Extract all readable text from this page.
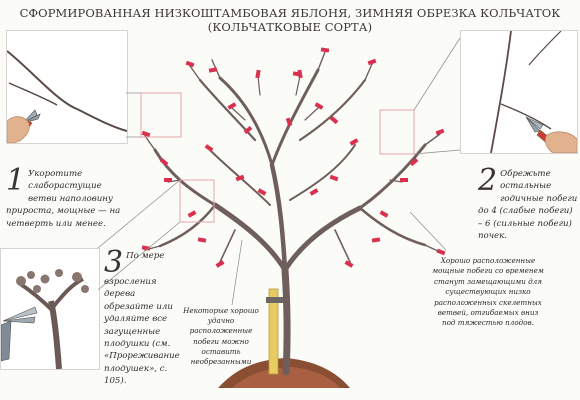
СФОРМИРОВАННАЯ НИЗКОШТАМБОВАЯ ЯБЛОНЯ, ЗИМНЯЯ ОБРЕЗКА КОЛЬЧАТОК
(КОЛЬЧАТКОВЫЕ СОРТА)
1 Укоротите слаборастущие ветви наполовину прироста, мощные — на четверть или менее.
2 Обрежьте остальные годичные побеги до 4 (слабые побеги) – 6 (сильные побеги) почек.
3 По мере взросления дерева обрезайте или удаляйте все загущенные плодушки (см. «Прореживание плодушек», с. 105).
Некоторые хорошо удачно расположенные побеги можно оставить необрезанными
Хорошо расположенные мощные побеги со временем станут замещающими для существующих низко расположенных скелетных ветвей, отгибаемых вниз под тяжестью плодов.
